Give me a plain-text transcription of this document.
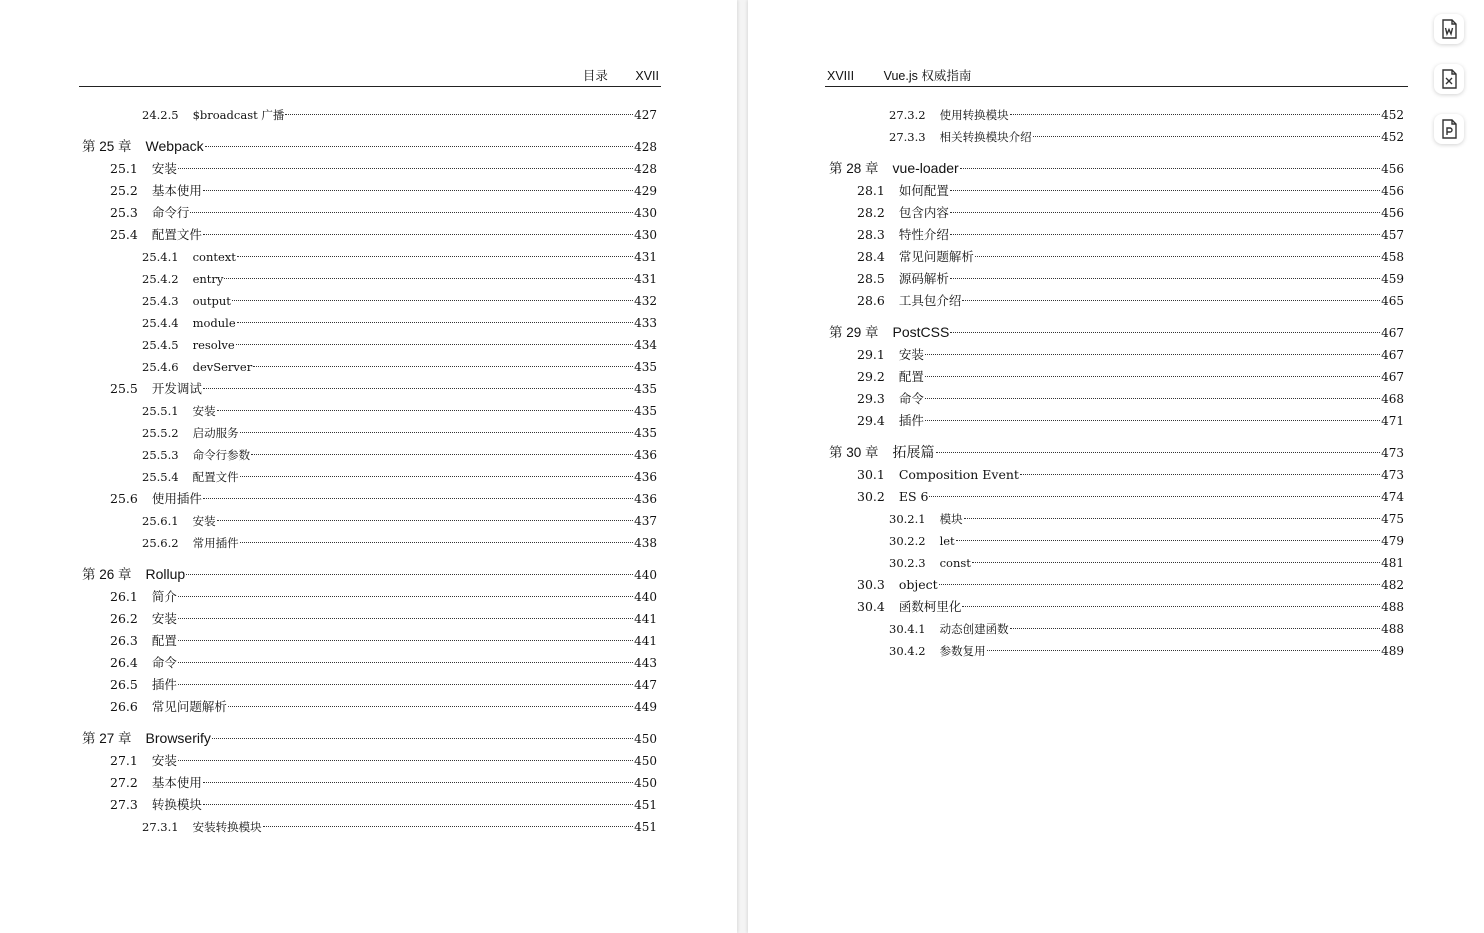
目录 XVII
24.2.5 $broadcast 广播	427
第 25 章 Webpack	428
25.1 安装	428
25.2 基本使用	429
25.3 命令行	430
25.4 配置文件	430
25.4.1 context	431
25.4.2 entry	431
25.4.3 output	432
25.4.4 module	433
25.4.5 resolve	434
25.4.6 devServer	435
25.5 开发调试	435
25.5.1 安装	435
25.5.2 启动服务	435
25.5.3 命令行参数	436
25.5.4 配置文件	436
25.6 使用插件	436
25.6.1 安装	437
25.6.2 常用插件	438
第 26 章 Rollup	440
26.1 简介	440
26.2 安装	441
26.3 配置	441
26.4 命令	443
26.5 插件	447
26.6 常见问题解析	449
第 27 章 Browserify	450
27.1 安装	450
27.2 基本使用	450
27.3 转换模块	451
27.3.1 安装转换模块	451
XVIII Vue.js 权威指南
27.3.2 使用转换模块	452
27.3.3 相关转换模块介绍	452
第 28 章 vue-loader	456
28.1 如何配置	456
28.2 包含内容	456
28.3 特性介绍	457
28.4 常见问题解析	458
28.5 源码解析	459
28.6 工具包介绍	465
第 29 章 PostCSS	467
29.1 安装	467
29.2 配置	467
29.3 命令	468
29.4 插件	471
第 30 章 拓展篇	473
30.1 Composition Event	473
30.2 ES 6	474
30.2.1 模块	475
30.2.2 let	479
30.2.3 const	481
30.3 object	482
30.4 函数柯里化	488
30.4.1 动态创建函数	488
30.4.2 参数复用	489
